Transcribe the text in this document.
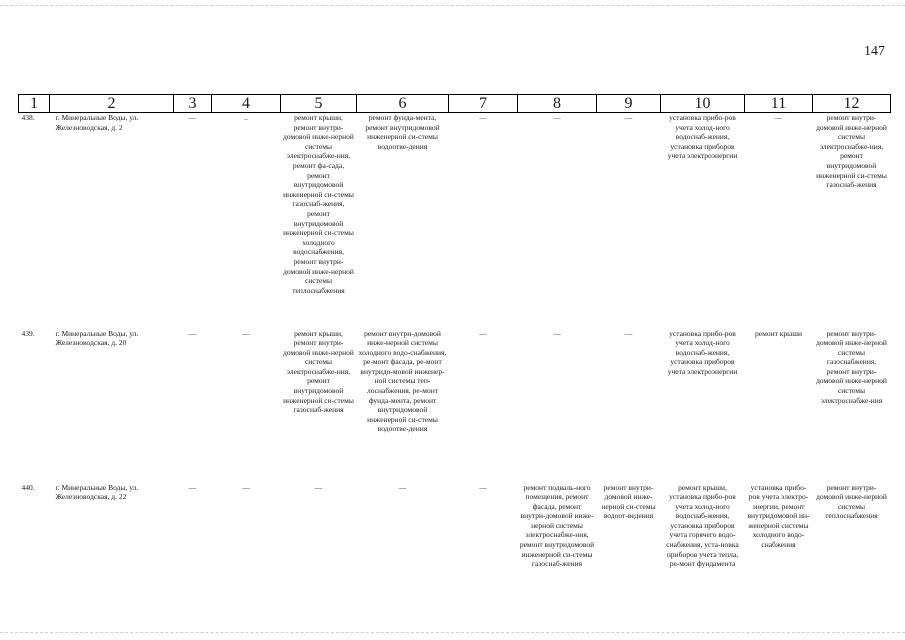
147
1	2	3	4	5	6	7	8	9	10	11	12
438.	г. Минеральные Воды, ул. Железноводская, д. 2	—	..	ремонт крыши, ремонт внутри-домовой инже-нерной системы электроснабже-ния, ремонт фа-сада, ремонт внутридомовой инженерной си-стемы газоснаб-жения, ремонт внутридомовой инженерной си-стемы холодного водоснабжения, ремонт внутри-домовой инже-нерной системы теплоснабжения	ремонт фунда-мента, ремонт внутридомовой инженерной си-стемы водоотве-дения	—	—	—	установка прибо-ров учета холод-ного водоснаб-жения, установка приборов учета электроэнергии	—	ремонт внутри-домовой инже-нерной системы электроснабже-ния, ремонт внутридомовой инженерной си-стемы газоснаб-жения
439.	г. Минеральные Воды, ул. Железноводская, д. 20	—	—	ремонт крыши, ремонт внутри-домовой инже-нерной системы электроснабже-ния, ремонт внутридомовой инженерной си-стемы газоснаб-жения	ремонт внутри-домовой инже-нерной системы холодного водо-снабжения, ре-монт фасада, ре-монт внутридо-мовой инженер-ной системы теп-лоснабжения, ре-монт фунда-мента, ремонт внутридомовой инженерной си-стемы водоотве-дения	—	—	—	установка прибо-ров учета холод-ного водоснаб-жения, установка приборов учета электроэнергии	ремонт крыши	ремонт внутри-домовой инже-нерной системы газоснабжения, ремонт внутри-домовой инже-нерной системы электроснабже-ния
440.	г. Минеральные Воды, ул. Железноводская, д. 22	—	—	—	—	—	ремонт подваль-ного помещения, ремонт фасада, ремонт внутри-домовой инже-нерной системы электроснабже-ния, ремонт внутридомовой инженерной си-стемы газоснаб-жения	ремонт внутри-домовой инже-нерной си-стемы водоот-ведения	ремонт крыши, установка прибо-ров учета холод-ного водоснаб-жения, установка приборов учета горячего водо-снабжения, уста-новка приборов учета тепла, ре-монт фундамента	установка прибо-ров учета электро-энергии, ремонт внутридомовой ин-женерной системы холодного водо-снабжения	ремонт внутри-домовой инже-нерной системы теплоснабжения
